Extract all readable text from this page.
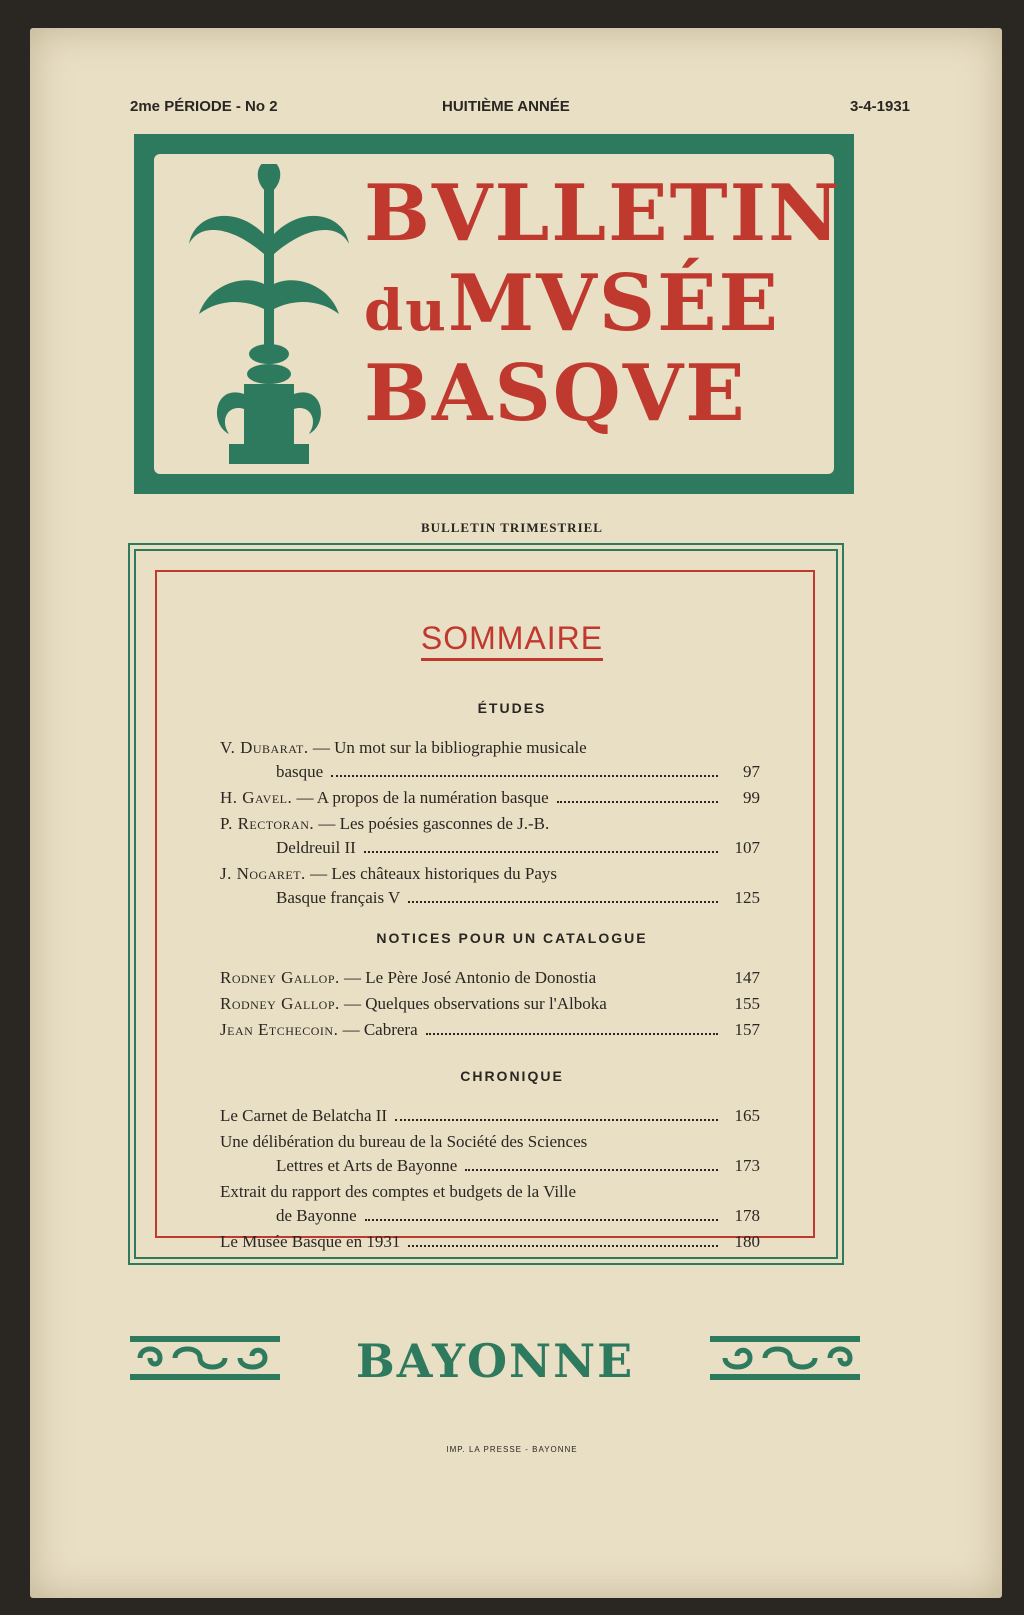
2me PÉRIODE - No 2	HUITIÈME ANNÉE	3-4-1931
BVLLETIN
duMVSÉE
BASQVE
BULLETIN TRIMESTRIEL
SOMMAIRE
ÉTUDES
V. Dubarat. — Un mot sur la bibliographie musicale
basque	97
H. Gavel. — A propos de la numération basque	99
P. Rectoran. — Les poésies gasconnes de J.-B.
Deldreuil II	107
J. Nogaret. — Les châteaux historiques du Pays
Basque français V	125
NOTICES POUR UN CATALOGUE
Rodney Gallop. — Le Père José Antonio de Donostia	147
Rodney Gallop. — Quelques observations sur l'Alboka	155
Jean Etchecoin. — Cabrera	157
CHRONIQUE
Le Carnet de Belatcha II	165
Une délibération du bureau de la Société des Sciences
Lettres et Arts de Bayonne	173
Extrait du rapport des comptes et budgets de la Ville
de Bayonne	178
Le Musée Basque en 1931	180
BAYONNE
IMP. LA PRESSE - BAYONNE
